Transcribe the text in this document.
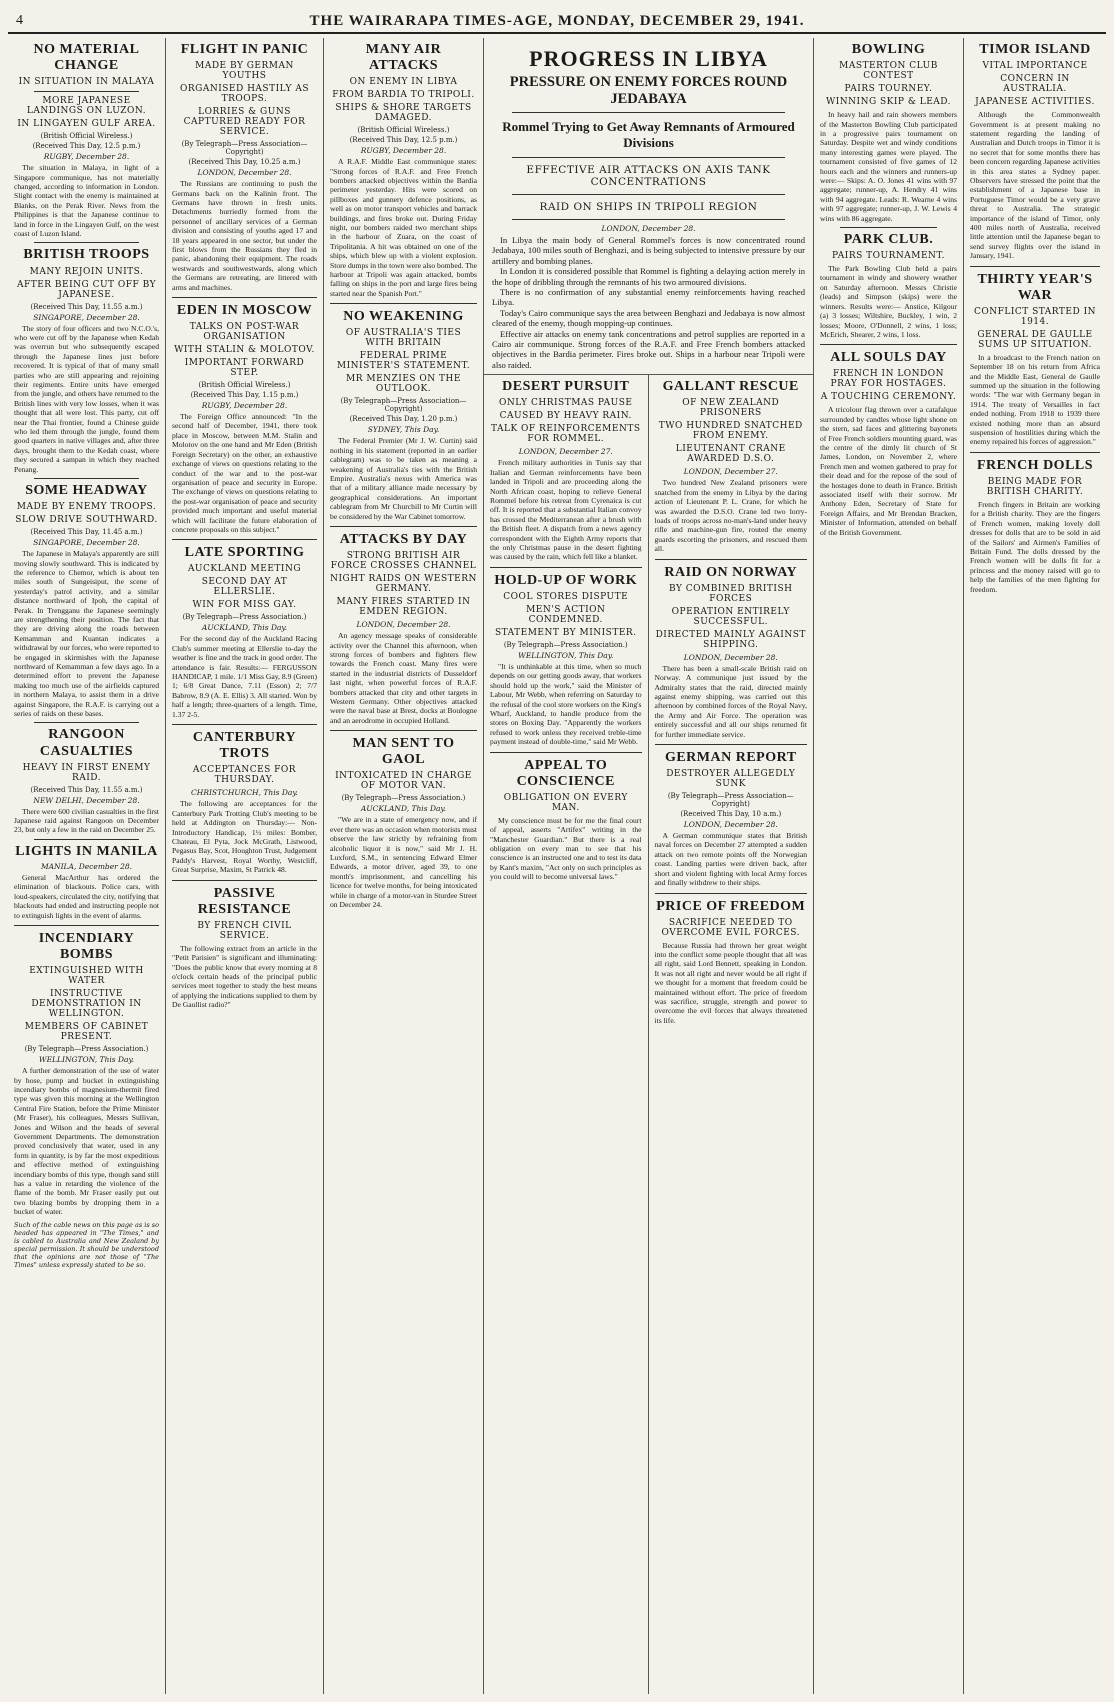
4	THE WAIRARAPA TIMES-AGE, MONDAY, DECEMBER 29, 1941.
NO MATERIAL CHANGE
IN SITUATION IN MALAYA
MORE JAPANESE LANDINGS ON LUZON.
IN LINGAYEN GULF AREA.
(British Official Wireless.)
(Received This Day, 12.5 p.m.)
RUGBY, December 28.

The situation in Malaya, in light of a Singapore communique, has not materially changed, according to information in London. Slight contact with the enemy is maintained at Blanks, on the Perak River. News from the Philippines is that the Japanese continue to land in force in the Lingayen Gulf, on the west coast of Luzon Island.

BRITISH TROOPS
MANY REJOIN UNITS.
AFTER BEING CUT OFF BY JAPANESE.
(Received This Day, 11.55 a.m.)
SINGAPORE, December 28.

The story of four officers and two N.C.O.'s, who were cut off by the Japanese when Kedah was overrun but who subsequently escaped through the Japanese lines just before recovered. It is typical of that of many small parties who are still appearing and rejoining their regiments. Entire units have emerged from the jungle, and others have returned to the British lines with very low losses, when it was thought that all were lost. This party, cut off near the Thai frontier, found a Chinese guide who led them through the jungle, found them good quarters in native villages and, after three days, brought them to the Kedah coast, where they secured a sampan in which they reached Penang.

SOME HEADWAY
MADE BY ENEMY TROOPS.
SLOW DRIVE SOUTHWARD.
(Received This Day, 11.45 a.m.)
SINGAPORE, December 28.

The Japanese in Malaya's apparently are still moving slowly southward. This is indicated by the reference to Chemor, which is about ten miles south of Sungeisiput, the scene of yesterday's patrol activity, and a similar distance northward of Ipoh, the capital of Perak. In Trengganu the Japanese seemingly are strengthening their position. The fact that they are driving along the roads between Kemamman and Kuantan indicates a withdrawal by our forces, who were reported to be engaged in skirmishes with the Japanese northward of Kemamman a few days ago. In a determined effort to prevent the Japanese making too much use of the airfields captured in northern Malaya, to assist them in a drive against Singapore, the R.A.F. is carrying out a series of raids on these bases.

RANGOON CASUALTIES
HEAVY IN FIRST ENEMY RAID.
(Received This Day, 11.55 a.m.)
NEW DELHI, December 28.

There were 600 civilian casualties in the first Japanese raid against Rangoon on December 23, but only a few in the raid on December 25.

LIGHTS IN MANILA
MANILA, December 28.

General MacArthur has ordered the elimination of blackouts. Police cars, with loud-speakers, circulated the city, notifying that blackouts had ended and instructing people not to extinguish lights in the event of alarms.

INCENDIARY BOMBS
EXTINGUISHED WITH WATER
INSTRUCTIVE DEMONSTRATION IN WELLINGTON.
MEMBERS OF CABINET PRESENT.
(By Telegraph—Press Association.)
WELLINGTON, This Day.

A further demonstration of the use of water by hose, pump and bucket in extinguishing incendiary bombs of magnesium-thermit fired type was given this morning at the Wellington Central Fire Station, before the Prime Minister (Mr Fraser), his colleagues, Messrs Sullivan, Jones and Wilson and the heads of several Government Departments. The demonstration proved conclusively that water, used in any form in quantity, is by far the most expeditious and effective method of extinguishing incendiary bombs of this type, though sand still has a value in retarding the violence of the flame of the bomb. Mr Fraser easily put out two blazing bombs by dropping them in a bucket of water.

Such of the cable news on this page as is so headed has appeared in "The Times," and is cabled to Australia and New Zealand by special permission. It should be understood that the opinions are not those of "The Times" unless expressly stated to be so.

FLIGHT IN PANIC
MADE BY GERMAN YOUTHS
ORGANISED HASTILY AS TROOPS.
LORRIES & GUNS CAPTURED READY FOR SERVICE.
(By Telegraph—Press Association—Copyright)
(Received This Day, 10.25 a.m.)
LONDON, December 28.

The Russians are continuing to push the Germans back on the Kalinin front. The Germans have thrown in fresh units. Detachments hurriedly formed from the personnel of ancillary services of a German division and consisting of youths aged 17 and 18 years appeared in one sector, but under the first blows from the Russians they fled in panic, abandoning their equipment. The roads westwards and southwestwards, along which the Germans are retreating, are littered with arms and machines.

EDEN IN MOSCOW
TALKS ON POST-WAR ORGANISATION
WITH STALIN & MOLOTOV.
IMPORTANT FORWARD STEP.
(British Official Wireless.)
(Received This Day, 1.15 p.m.)
RUGBY, December 28.

The Foreign Office announced: "In the second half of December, 1941, there took place in Moscow, between M.M. Stalin and Molotov on the one hand and Mr Eden (British Foreign Secretary) on the other, an exhaustive exchange of views on questions relating to the conduct of the war and to the post-war organisation of peace and security in Europe. The exchange of views on questions relating to the post-war organisation of peace and security provided much important and useful material which will facilitate the future elaboration of concrete proposals on this subject."

LATE SPORTING
AUCKLAND MEETING
SECOND DAY AT ELLERSLIE.
WIN FOR MISS GAY.
(By Telegraph—Press Association.)
AUCKLAND, This Day.

For the second day of the Auckland Racing Club's summer meeting at Ellerslie to-day the weather is fine and the track in good order. The attendance is fair. Results:— FERGUSSON HANDICAP, 1 mile. 1/1 Miss Gay, 8.9 (Green) 1; 6/8 Great Dance, 7.11 (Esson) 2; 7/7 Babrow, 8.9 (A. E. Ellis) 3. All started. Won by half a length; three-quarters of a length. Time, 1.37 2-5.

CANTERBURY TROTS
ACCEPTANCES FOR THURSDAY.
CHRISTCHURCH, This Day.

The following are acceptances for the Canterbury Park Trotting Club's meeting to be held at Addington on Thursday:— Non-Introductory Handicap, 1½ miles: Bomber, Chateau, El Pyta, Jock McGrath, Listwood, Pegasus Bay, Scot, Houghton Trust, Judgement Paddy's Harvest, Royal Worthy, Westcliff, Great Surprise, Maxim, St Patrick 48.

PASSIVE RESISTANCE
BY FRENCH CIVIL SERVICE.

The following extract from an article in the "Petit Parisien" is significant and illuminating: "Does the public know that every morning at 8 o'clock certain heads of the principal public services meet together to study the best means of applying the indications supplied to them by De Gaullist radio?"

MANY AIR ATTACKS
ON ENEMY IN LIBYA
FROM BARDIA TO TRIPOLI.
SHIPS & SHORE TARGETS DAMAGED.
(British Official Wireless.)
(Received This Day, 12.5 p.m.)
RUGBY, December 28.

A R.A.F. Middle East communique states: "Strong forces of R.A.F. and Free French bombers attacked objectives within the Bardia perimeter yesterday. Hits were scored on pillboxes and gunnery defence positions, as well as on motor transport vehicles and barrack buildings, and fires broke out. During Friday night, our bombers raided two merchant ships in the harbour of Zuara, on the coast of Tripolitania. A hit was obtained on one of the ships, which blew up with a violent explosion. Store dumps in the town were also bombed. The harbour at Tripoli was again attacked, bombs falling on ships in the port and large fires being started near the Spanish Port."

NO WEAKENING
OF AUSTRALIA'S TIES WITH BRITAIN
FEDERAL PRIME MINISTER'S STATEMENT.
MR MENZIES ON THE OUTLOOK.
(By Telegraph—Press Association—Copyright)
(Received This Day, 1.20 p.m.)
SYDNEY, This Day.

The Federal Premier (Mr J. W. Curtin) said nothing in his statement (reported in an earlier cablegram) was to be taken as meaning a weakening of Australia's ties with the British Empire. Australia's nexus with America was that of a military alliance made necessary by geographical considerations. An important cablegram from Mr Churchill to Mr Curtin will be considered by the War Cabinet tomorrow.

ATTACKS BY DAY
STRONG BRITISH AIR FORCE CROSSES CHANNEL
NIGHT RAIDS ON WESTERN GERMANY.
MANY FIRES STARTED IN EMDEN REGION.
LONDON, December 28.

An agency message speaks of considerable activity over the Channel this afternoon, when strong forces of bombers and fighters flew towards the French coast. Many fires were started in the industrial districts of Dusseldorf last night, when powerful forces of R.A.F. bombers attacked that city and other targets in Western Germany. Other objectives attacked were the naval base at Brest, docks at Boulogne and an aerodrome in occupied Holland.

MAN SENT TO GAOL
INTOXICATED IN CHARGE OF MOTOR VAN.
(By Telegraph—Press Association.)
AUCKLAND, This Day.

"We are in a state of emergency now, and if ever there was an occasion when motorists must observe the law strictly by refraining from alcoholic liquor it is now," said Mr J. H. Luxford, S.M., in sentencing Edward Elmer Edwards, a motor driver, aged 39, to one month's imprisonment, and cancelling his licence for twelve months, for being intoxicated while in charge of a motor-van in Sturdee Street on December 24.

PROGRESS IN LIBYA
PRESSURE ON ENEMY FORCES ROUND JEDABAYA
Rommel Trying to Get Away Remnants of Armoured Divisions
EFFECTIVE AIR ATTACKS ON AXIS TANK CONCENTRATIONS
RAID ON SHIPS IN TRIPOLI REGION
LONDON, December 28.

In Libya the main body of General Rommel's forces is now concentrated round Jedabaya, 100 miles south of Benghazi, and is being subjected to intensive pressure by our artillery and bombing planes.

In London it is considered possible that Rommel is fighting a delaying action merely in the hope of dribbling through the remnants of his two armoured divisions.

There is no confirmation of any substantial enemy reinforcements having reached Libya.

Today's Cairo communique says the area between Benghazi and Jedabaya is now almost cleared of the enemy, though mopping-up continues.

Effective air attacks on enemy tank concentrations and petrol supplies are reported in a Cairo air communique. Strong forces of the R.A.F. and Free French bombers attacked objectives in the Bardia perimeter. Fires broke out. Ships in a harbour near Tripoli were also raided.

DESERT PURSUIT
ONLY CHRISTMAS PAUSE
CAUSED BY HEAVY RAIN.
TALK OF REINFORCEMENTS FOR ROMMEL.
LONDON, December 27.

French military authorities in Tunis say that Italian and German reinforcements have been landed in Tripoli and are proceeding along the North African coast, hoping to relieve General Rommel before his retreat from Cyrenaica is cut off. It is reported that a substantial Italian convoy has crossed the Mediterranean after a brush with the British fleet. A dispatch from a news agency correspondent with the Eighth Army reports that the only Christmas pause in the desert fighting was caused by the rain, which fell like a blanket.

HOLD-UP OF WORK
COOL STORES DISPUTE
MEN'S ACTION CONDEMNED.
STATEMENT BY MINISTER.
(By Telegraph—Press Association.)
WELLINGTON, This Day.

"It is unthinkable at this time, when so much depends on our getting goods away, that workers should hold up the work," said the Minister of Labour, Mr Webb, when referring on Saturday to the refusal of the cool store workers on the King's Wharf, Auckland, to handle produce from the stores on Boxing Day. "Apparently the workers refused to work unless they received treble-time payment instead of double-time," said Mr Webb.

APPEAL TO CONSCIENCE
OBLIGATION ON EVERY MAN.

My conscience must be for me the final court of appeal, asserts "Artifex" writing in the "Manchester Guardian." But there is a real obligation on every man to see that his conscience is an instructed one and to test its data by Kant's maxim, "Act only on such principles as you could will to become universal laws."

GALLANT RESCUE
OF NEW ZEALAND PRISONERS
TWO HUNDRED SNATCHED FROM ENEMY.
LIEUTENANT CRANE AWARDED D.S.O.
LONDON, December 27.

Two hundred New Zealand prisoners were snatched from the enemy in Libya by the daring action of Lieutenant P. L. Crane, for which he was awarded the D.S.O. Crane led two lorry-loads of troops across no-man's-land under heavy rifle and machine-gun fire, routed the enemy guards escorting the prisoners, and rescued them all.

RAID ON NORWAY
BY COMBINED BRITISH FORCES
OPERATION ENTIRELY SUCCESSFUL.
DIRECTED MAINLY AGAINST SHIPPING.
LONDON, December 28.

There has been a small-scale British raid on Norway. A communique just issued by the Admiralty states that the raid, directed mainly against enemy shipping, was carried out this afternoon by combined forces of the Royal Navy, the Army and Air Force. The operation was entirely successful and all our ships returned fit for further immediate service.

GERMAN REPORT
DESTROYER ALLEGEDLY SUNK
(By Telegraph—Press Association—Copyright)
(Received This Day, 10 a.m.)
LONDON, December 28.

A German communique states that British naval forces on December 27 attempted a sudden attack on two remote points off the Norwegian coast. Landing parties were driven back, after short and violent fighting with local Army forces and finally withdrew to their ships.

PRICE OF FREEDOM
SACRIFICE NEEDED TO OVERCOME EVIL FORCES.

Because Russia had thrown her great weight into the conflict some people thought that all was all right, said Lord Bennett, speaking in London. It was not all right and never would be all right if we thought for a moment that freedom could be maintained without effort. The price of freedom was sacrifice, struggle, strength and power to overcome the evil forces that always threatened its life.

BOWLING
MASTERTON CLUB CONTEST
PAIRS TOURNEY.
WINNING SKIP & LEAD.

In heavy hail and rain showers members of the Masterton Bowling Club participated in a progressive pairs tournament on Saturday. Despite wet and windy conditions many interesting games were played. The tournament consisted of five games of 12 hours each and the winners and runners-up were:— Skips: A. O. Jones 41 wins with 97 aggregate; runner-up, A. Hendry 41 wins with 94 aggregate. Leads: R. Wearne 4 wins with 97 aggregate; runner-up, J. W. Lewis 4 wins with 86 aggregate.

PARK CLUB.
PAIRS TOURNAMENT.

The Park Bowling Club held a pairs tournament in windy and showery weather on Saturday afternoon. Messrs Christie (leads) and Simpson (skips) were the winners. Results were:— Anstice, Kilgour (a) 3 losses; Wiltshire, Buckley, 1 win, 2 losses; Moore, O'Donnell, 2 wins, 1 loss; McErich, Shearer, 2 wins, 1 loss.

ALL SOULS DAY
FRENCH IN LONDON PRAY FOR HOSTAGES.
A TOUCHING CEREMONY.

A tricolour flag thrown over a catafalque surrounded by candles whose light shone on the stern, sad faces and glittering bayonets of Free French soldiers mounting guard, was the centre of the dimly lit church of St James, London, on November 2, where French men and women gathered to pray for their dead and for the repose of the soul of the hostages done to death in France. British associated itself with their sorrow. Mr Anthony Eden, Secretary of State for Foreign Affairs, and Mr Brendan Bracken, Minister of Information, attended on behalf of the British Government.

TIMOR ISLAND
VITAL IMPORTANCE
CONCERN IN AUSTRALIA.
JAPANESE ACTIVITIES.

Although the Commonwealth Government is at present making no statement regarding the landing of Australian and Dutch troops in Timor it is no secret that for some months there has been concern regarding Japanese activities in this area states a Sydney paper. Observers have stressed the point that the establishment of a Japanese base in Portuguese Timor would be a very grave threat to Australia. The strategic importance of the island of Timor, only 400 miles north of Australia, received little attention until the Japanese began to send survey flights over the island in January, 1941.

THIRTY YEAR'S WAR
CONFLICT STARTED IN 1914.
GENERAL DE GAULLE SUMS UP SITUATION.

In a broadcast to the French nation on September 18 on his return from Africa and the Middle East, General de Gaulle summed up the situation in the following words: "The war with Germany began in 1914. The treaty of Versailles in fact ended nothing. From 1918 to 1939 there existed nothing more than an absurd suspension of hostilities during which the enemy repaired his forces of aggression."

FRENCH DOLLS
BEING MADE FOR BRITISH CHARITY.

French fingers in Britain are working for a British charity. They are the fingers of French women, making lovely doll dresses for dolls that are to be sold in aid of the Sailors' and Airmen's Families of Britain Fund. The dolls dressed by the French women will be dolls fit for a princess and the money raised will go to help the families of the men fighting for freedom.
